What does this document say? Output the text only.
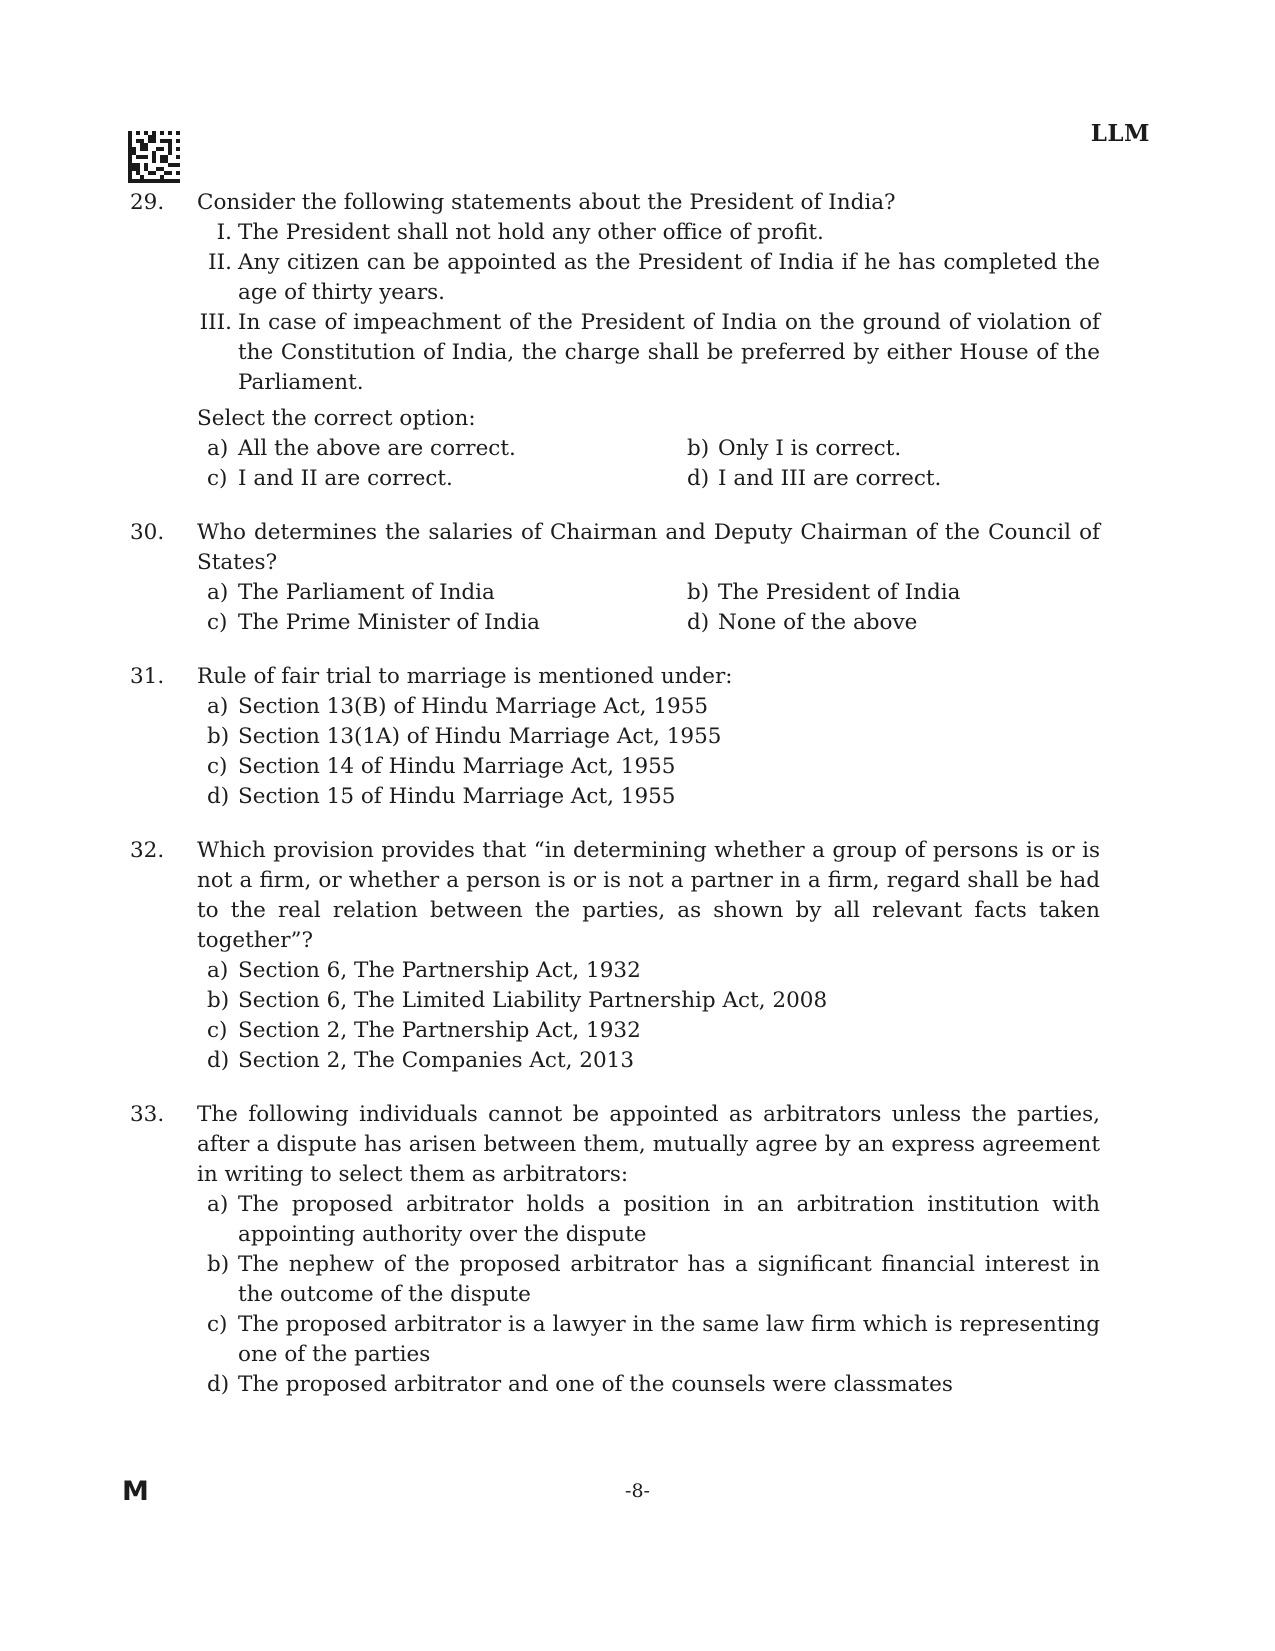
LLM
29.	Consider the following statements about the President of India?
I. The President shall not hold any other office of profit.
II. Any citizen can be appointed as the President of India if he has completed the age of thirty years.
III. In case of impeachment of the President of India on the ground of violation of the Constitution of India, the charge shall be preferred by either House of the Parliament.
Select the correct option:
a) All the above are correct.	b) Only I is correct.
c) I and II are correct.	d) I and III are correct.
30.	Who determines the salaries of Chairman and Deputy Chairman of the Council of States?
a) The Parliament of India	b) The President of India
c) The Prime Minister of India	d) None of the above
31.	Rule of fair trial to marriage is mentioned under:
a) Section 13(B) of Hindu Marriage Act, 1955
b) Section 13(1A) of Hindu Marriage Act, 1955
c) Section 14 of Hindu Marriage Act, 1955
d) Section 15 of Hindu Marriage Act, 1955
32.	Which provision provides that “in determining whether a group of persons is or is not a firm, or whether a person is or is not a partner in a firm, regard shall be had to the real relation between the parties, as shown by all relevant facts taken together”?
a) Section 6, The Partnership Act, 1932
b) Section 6, The Limited Liability Partnership Act, 2008
c) Section 2, The Partnership Act, 1932
d) Section 2, The Companies Act, 2013
33.	The following individuals cannot be appointed as arbitrators unless the parties, after a dispute has arisen between them, mutually agree by an express agreement in writing to select them as arbitrators:
a) The proposed arbitrator holds a position in an arbitration institution with appointing authority over the dispute
b) The nephew of the proposed arbitrator has a significant financial interest in the outcome of the dispute
c) The proposed arbitrator is a lawyer in the same law firm which is representing one of the parties
d) The proposed arbitrator and one of the counsels were classmates
M	-8-
